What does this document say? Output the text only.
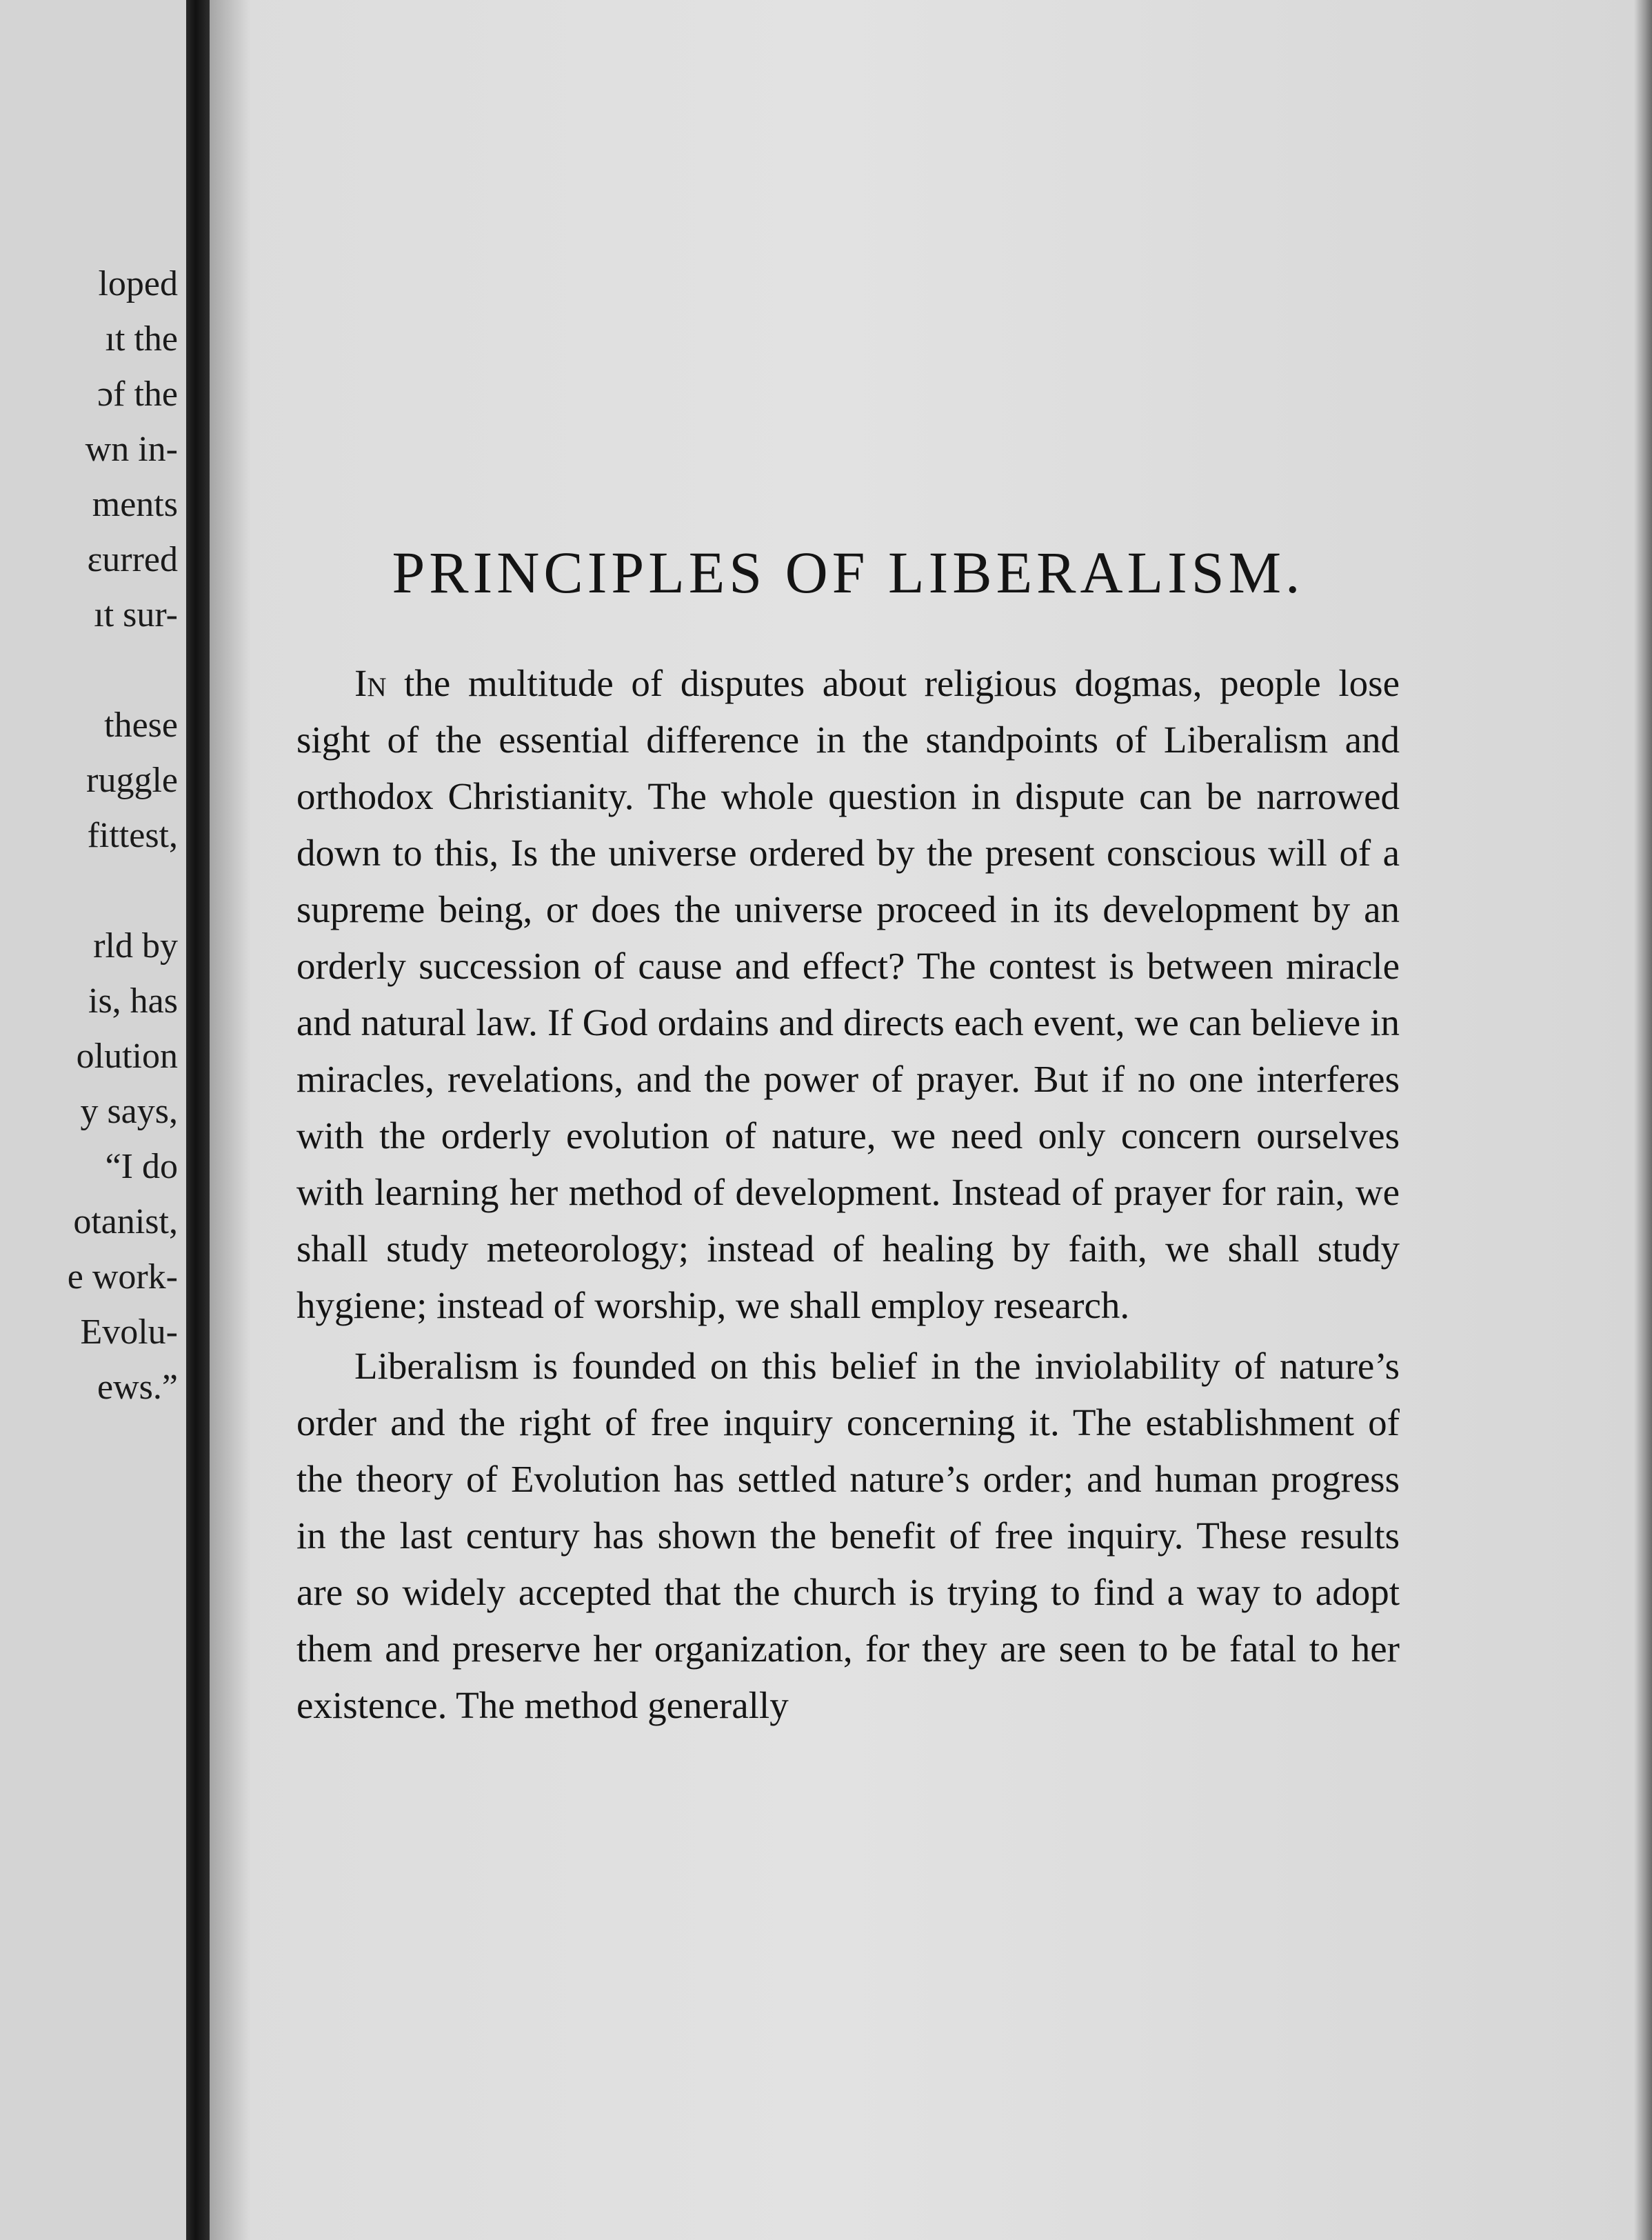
loped
ıt the
ɔf the
wn in-
ments
ɛurred
ıt sur-

these
ruggle
fittest,

rld by
is, has
olution
y says,
“I do
otanist,
e work-
Evolu-
ews.”
PRINCIPLES OF LIBERALISM.

In the multitude of disputes about religious dogmas, people lose sight of the essential difference in the standpoints of Liberalism and orthodox Christianity. The whole question in dispute can be narrowed down to this, Is the universe ordered by the present conscious will of a supreme being, or does the universe proceed in its development by an orderly succession of cause and effect? The contest is between miracle and natural law. If God ordains and directs each event, we can believe in miracles, revelations, and the power of prayer. But if no one interferes with the orderly evolution of nature, we need only concern ourselves with learning her method of development. Instead of prayer for rain, we shall study meteorology; instead of healing by faith, we shall study hygiene; instead of worship, we shall employ research.

Liberalism is founded on this belief in the inviolability of nature’s order and the right of free inquiry concerning it. The establishment of the theory of Evolution has settled nature’s order; and human progress in the last century has shown the benefit of free inquiry. These results are so widely accepted that the church is trying to find a way to adopt them and preserve her organization, for they are seen to be fatal to her existence. The method generally
